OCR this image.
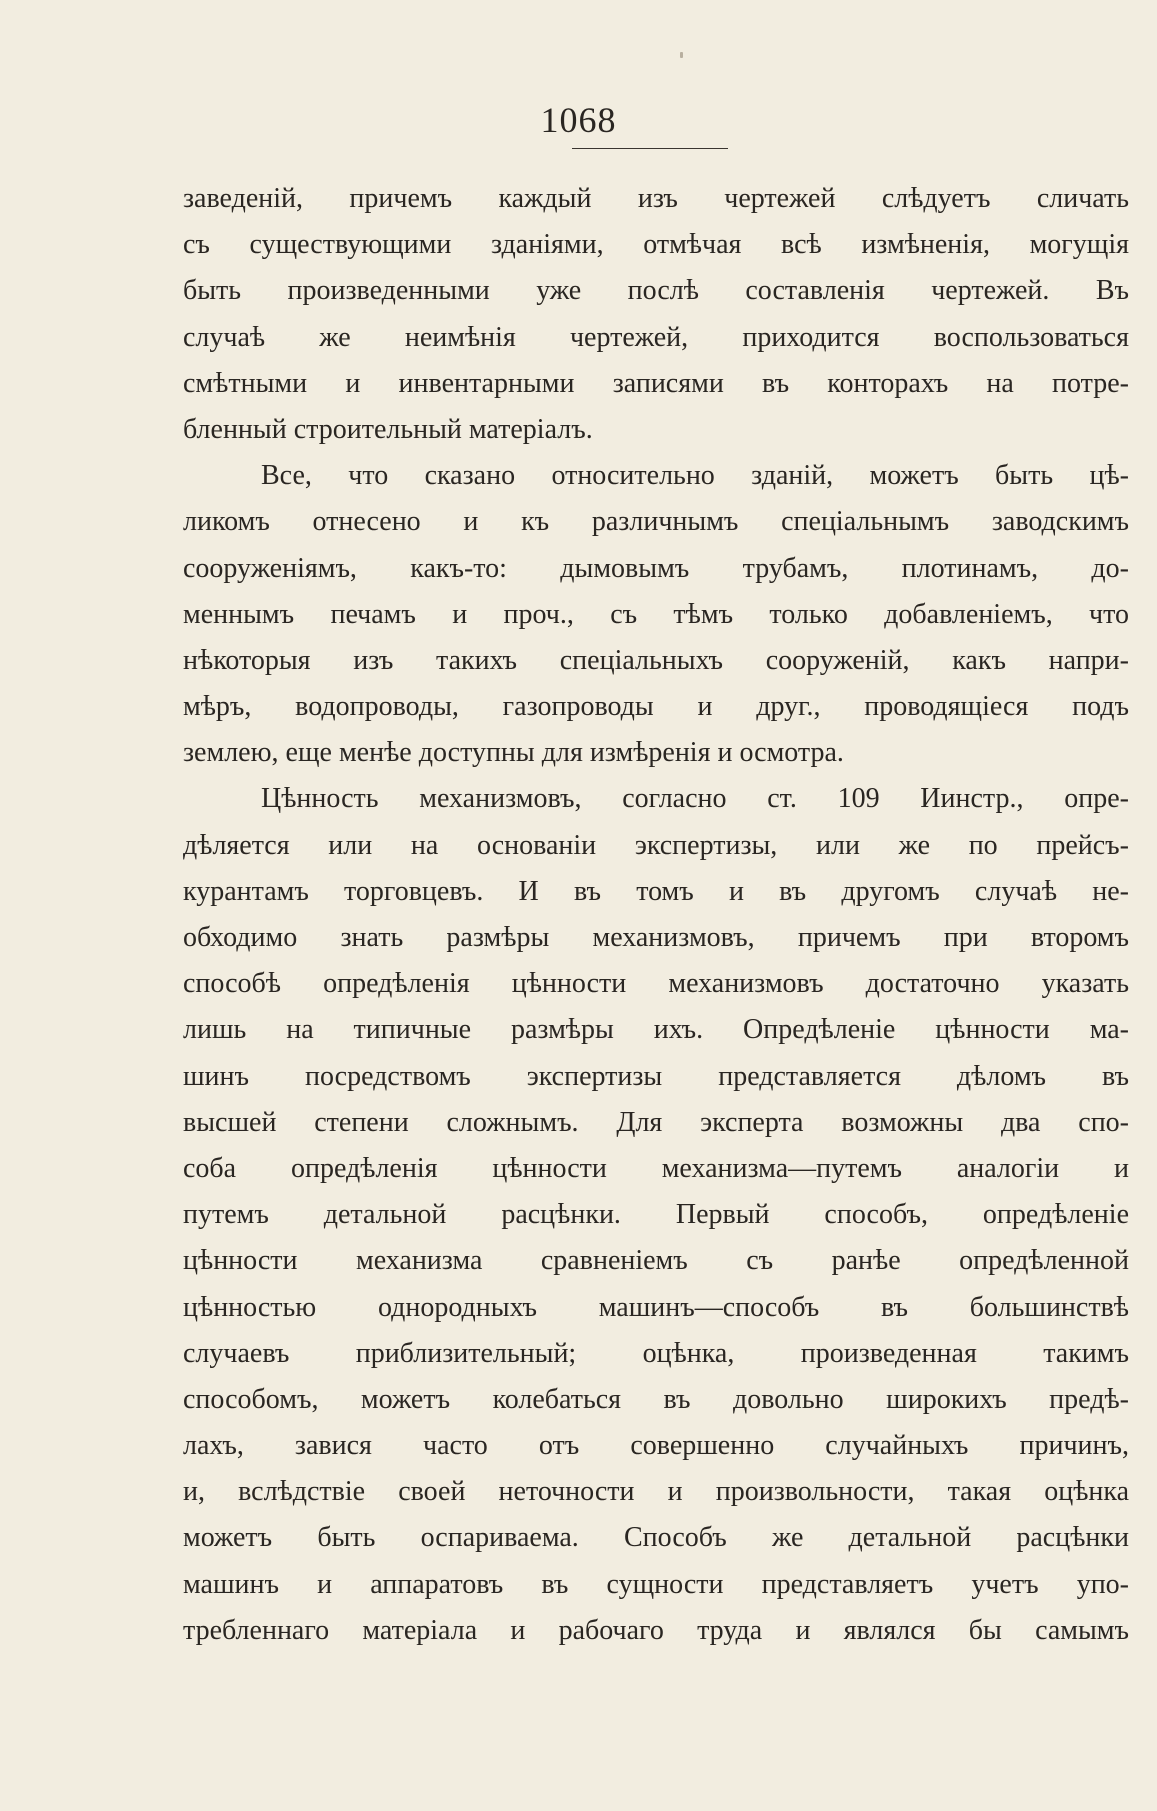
1068
заведеній, причемъ каждый изъ чертежей слѣдуетъ сличать
съ существующими зданіями, отмѣчая всѣ измѣненія, могущія
быть произведенными уже послѣ составленія чертежей. Въ
случаѣ же неимѣнія чертежей, приходится воспользоваться
смѣтными и инвентарными записями въ конторахъ на потре-
бленный строительный матеріалъ.
Все, что сказано относительно зданій, можетъ быть цѣ-
ликомъ отнесено и къ различнымъ спеціальнымъ заводскимъ
сооруженіямъ, какъ-то: дымовымъ трубамъ, плотинамъ, до-
меннымъ печамъ и проч., съ тѣмъ только добавленіемъ, что
нѣкоторыя изъ такихъ спеціальныхъ сооруженій, какъ напри-
мѣръ, водопроводы, газопроводы и друг., проводящіеся подъ
землею, еще менѣе доступны для измѣренія и осмотра.
Цѣнность механизмовъ, согласно ст. 109 Иинстр., опре-
дѣляется или на основаніи экспертизы, или же по прейсъ-
курантамъ торговцевъ. И въ томъ и въ другомъ случаѣ не-
обходимо знать размѣры механизмовъ, причемъ при второмъ
способѣ опредѣленія цѣнности механизмовъ достаточно указать
лишь на типичные размѣры ихъ. Опредѣленіе цѣнности ма-
шинъ посредствомъ экспертизы представляется дѣломъ въ
высшей степени сложнымъ. Для эксперта возможны два спо-
соба опредѣленія цѣнности механизма—путемъ аналогіи и
путемъ детальной расцѣнки. Первый способъ, опредѣленіе
цѣнности механизма сравненіемъ съ ранѣе опредѣленной
цѣнностью однородныхъ машинъ—способъ въ большинствѣ
случаевъ приблизительный; оцѣнка, произведенная такимъ
способомъ, можетъ колебаться въ довольно широкихъ предѣ-
лахъ, завися часто отъ совершенно случайныхъ причинъ,
и, вслѣдствіе своей неточности и произвольности, такая оцѣнка
можетъ быть оспариваема. Способъ же детальной расцѣнки
машинъ и аппаратовъ въ сущности представляетъ учетъ упо-
требленнаго матеріала и рабочаго труда и являлся бы самымъ
